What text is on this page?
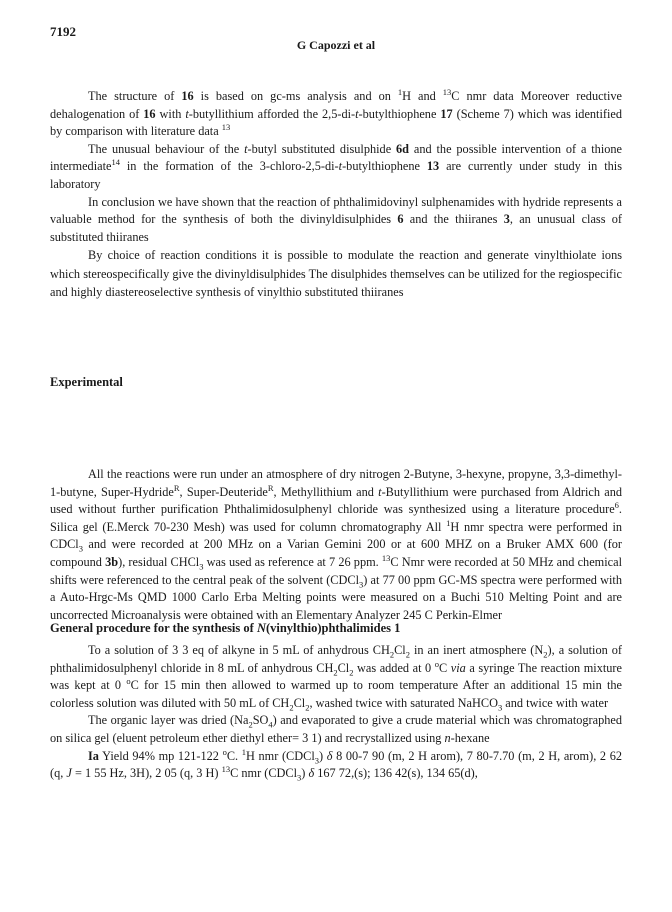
7192
G Capozzi et al

The structure of 16 is based on gc-ms analysis and on $^1$H and $^{13}$C nmr data Moreover reductive dehalogenation of 16 with t-butyllithium afforded the 2,5-di-t-butylthiophene 17 (Scheme 7) which was identified by comparison with literature data $^{13}$

The unusual behaviour of the t-butyl substituted disulphide 6d and the possible intervention of a thione intermediate$^{14}$ in the formation of the 3-chloro-2,5-di-t-butylthiophene 13 are currently under study in this laboratory

In conclusion we have shown that the reaction of phthalimidovinyl sulphenamides with hydride represents a valuable method for the synthesis of both the divinyldisulphides 6 and the thiiranes 3, an unusual class of substituted thiiranes

By choice of reaction conditions it is possible to modulate the reaction and generate vinylthiolate ions which stereospecifically give the divinyldisulphides The disulphides themselves can be utilized for the regiospecific and highly diastereoselective synthesis of vinylthio substituted thiiranes

Experimental

All the reactions were run under an atmosphere of dry nitrogen 2-Butyne, 3-hexyne, propyne, 3,3-dimethyl-1-butyne, Super-Hydride$^R$, Super-Deuteride$^R$, Methyllithium and t-Butyllithium were purchased from Aldrich and used without further purification Phthalimidosulphenyl chloride was synthesized using a literature procedure$^6$. Silica gel (E.Merck 70-230 Mesh) was used for column chromatography All $^1$H nmr spectra were performed in CDCl$_3$ and were recorded at 200 MHz on a Varian Gemini 200 or at 600 MHZ on a Bruker AMX 600 (for compound 3b), residual CHCl$_3$ was used as reference at 7 26 ppm. $^{13}$C Nmr were recorded at 50 MHz and chemical shifts were referenced to the central peak of the solvent (CDCl$_3$) at 77 00 ppm GC-MS spectra were performed with a Auto-Hrgc-Ms QMD 1000 Carlo Erba Melting points were measured on a Buchi 510 Melting Point and are uncorrected Microanalysis were obtained with an Elementary Analyzer 245 C Perkin-Elmer

General procedure for the synthesis of N(vinylthio)phthalimides 1

To a solution of 3 3 eq of alkyne in 5 mL of anhydrous $CH_2Cl_2$ in an inert atmosphere $(N_2)$, a solution of phthalimidosulphenyl chloride in 8 mL of anhydrous $CH_2Cl_2$ was added at 0 $^o$C via a syringe The reaction mixture was kept at 0 $^o$C for 15 min then allowed to warmed up to room temperature After an additional 15 min the colorless solution was diluted with 50 mL of $CH_2Cl_2$, washed twice with saturated NaHCO$_3$ and twice with water

The organic layer was dried $(Na_2SO_4)$ and evaporated to give a crude material which was chromatographed on silica gel (eluent petroleum ether diethyl ether= 3 1) and recrystallized using n-hexane

Ia Yield 94% mp 121-122 $^o$C. $^1$H nmr (CDCl$_3$) δ 8 00-7 90 (m, 2 H arom), 7 80-7.70 (m, 2 H, arom), 2 62 (q, J = 1 55 Hz, 3H), 2 05 (q, 3 H) $^{13}$C nmr (CDCl$_3$) δ 167 72,(s); 136 42(s), 134 65(d),
